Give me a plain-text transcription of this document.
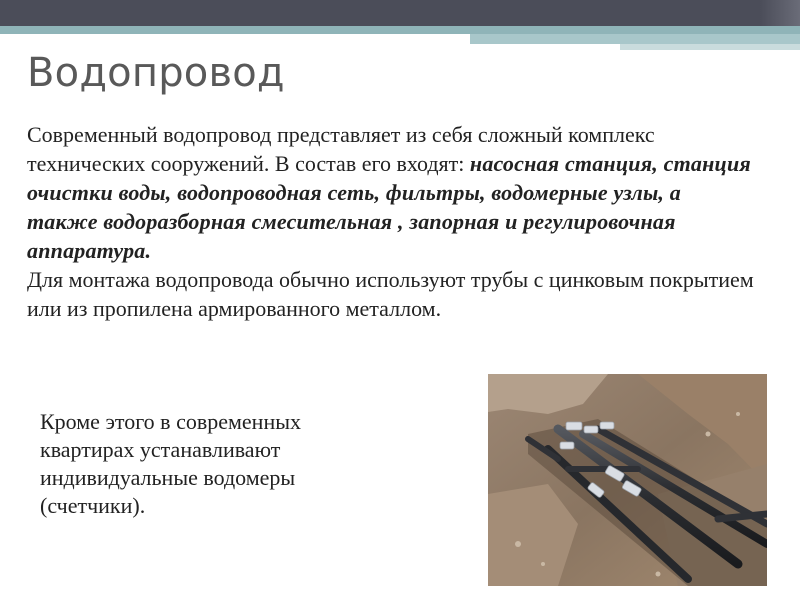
Водопровод
Современный водопровод представляет из себя сложный комплекс технических сооружений. В состав его входят: насосная станция, станция очистки воды, водопроводная сеть, фильтры, водомерные узлы, а также водоразборная смесительная , запорная и регулировочная аппаратура.
Для монтажа водопровода обычно используют трубы с цинковым покрытием или из пропилена армированного металлом.
Кроме этого в современных квартирах устанавливают индивидуальные водомеры (счетчики).
